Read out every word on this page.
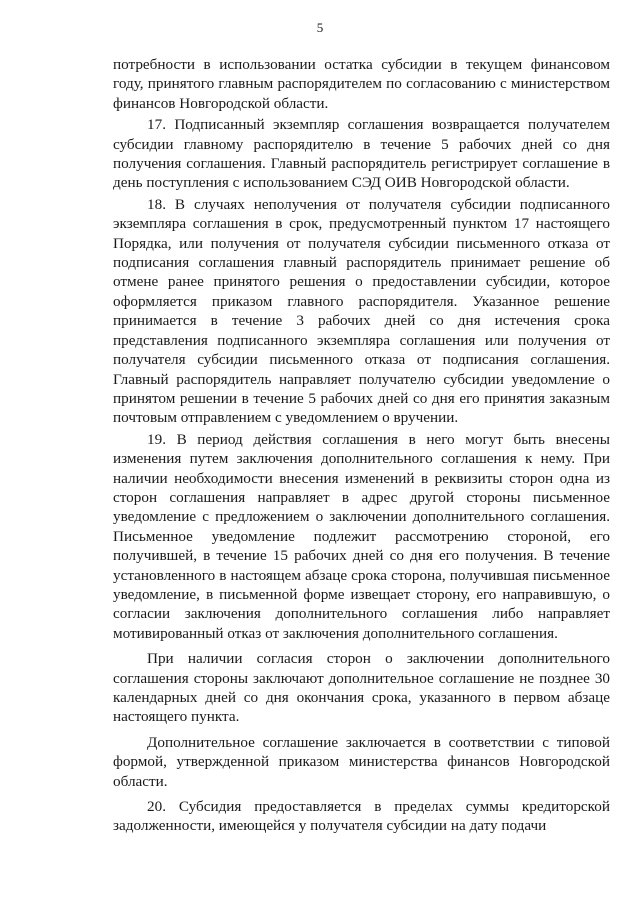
5

потребности в использовании остатка субсидии в текущем финансовом году, принятого главным распорядителем по согласованию с министерством финансов Новгородской области.

17. Подписанный экземпляр соглашения возвращается получателем субсидии главному распорядителю в течение 5 рабочих дней со дня получения соглашения. Главный распорядитель регистрирует соглашение в день поступления с использованием СЭД ОИВ Новгородской области.

18. В случаях неполучения от получателя субсидии подписанного экземпляра соглашения в срок, предусмотренный пунктом 17 настоящего Порядка, или получения от получателя субсидии письменного отказа от подписания соглашения главный распорядитель принимает решение об отмене ранее принятого решения о предоставлении субсидии, которое оформляется приказом главного распорядителя. Указанное решение принимается в течение 3 рабочих дней со дня истечения срока представления подписанного экземпляра соглашения или получения от получателя субсидии письменного отказа от подписания соглашения. Главный распорядитель направляет получателю субсидии уведомление о принятом решении в течение 5 рабочих дней со дня его принятия заказным почтовым отправлением с уведомлением о вручении.

19. В период действия соглашения в него могут быть внесены изменения путем заключения дополнительного соглашения к нему. При наличии необходимости внесения изменений в реквизиты сторон одна из сторон соглашения направляет в адрес другой стороны письменное уведомление с предложением о заключении дополнительного соглашения. Письменное уведомление подлежит рассмотрению стороной, его получившей, в течение 15 рабочих дней со дня его получения. В течение установленного в настоящем абзаце срока сторона, получившая письменное уведомление, в письменной форме извещает сторону, его направившую, о согласии заключения дополнительного соглашения либо направляет мотивированный отказ от заключения дополнительного соглашения.

При наличии согласия сторон о заключении дополнительного соглашения стороны заключают дополнительное соглашение не позднее 30 календарных дней со дня окончания срока, указанного в первом абзаце настоящего пункта.

Дополнительное соглашение заключается в соответствии с типовой формой, утвержденной приказом министерства финансов Новгородской области.

20. Субсидия предоставляется в пределах суммы кредиторской задолженности, имеющейся у получателя субсидии на дату подачи
